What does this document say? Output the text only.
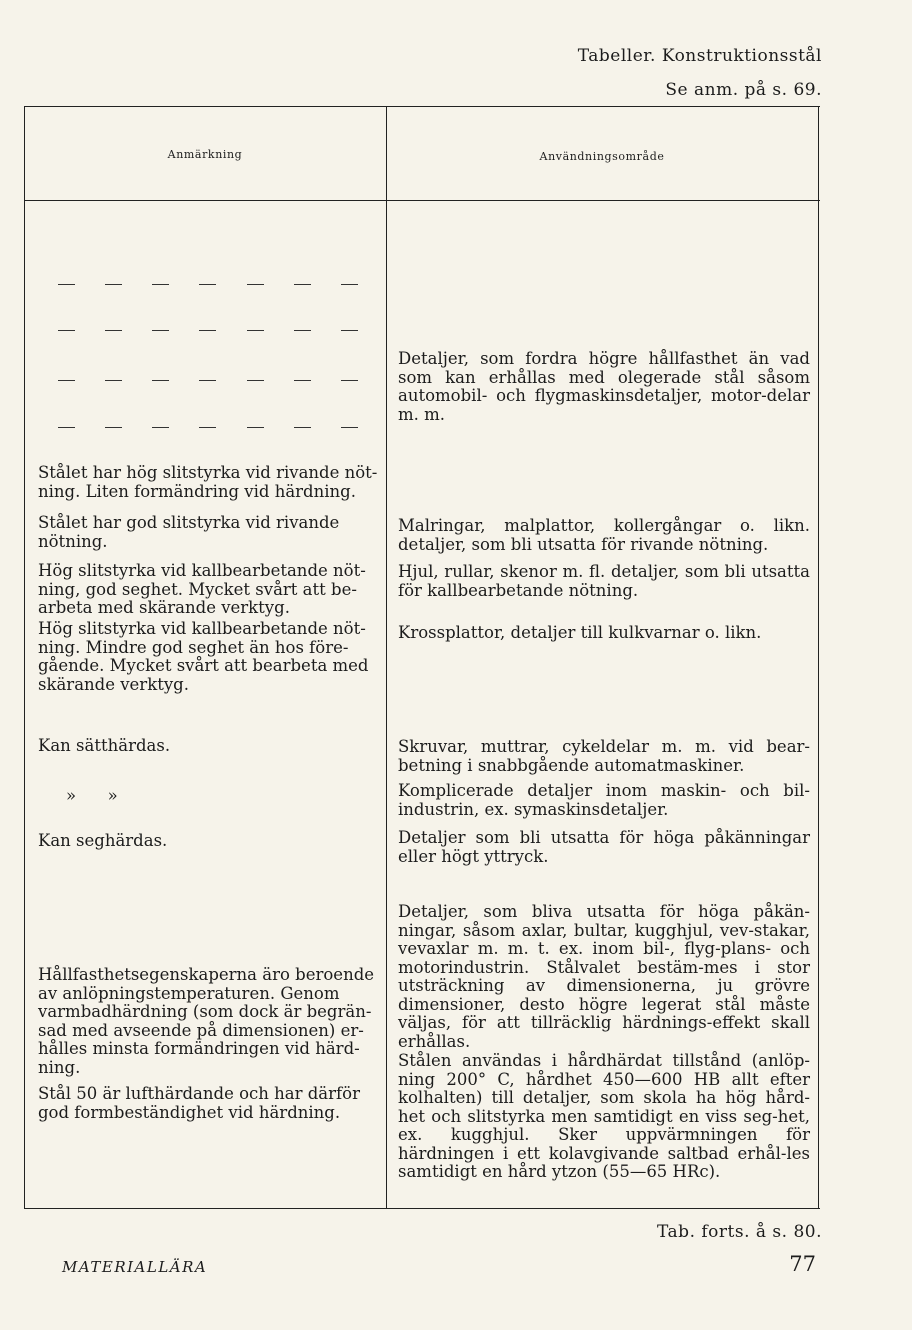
Tabeller. Konstruktionsstål
Se anm. på s. 69.
Anmärkning	Användningsområde
Detaljer, som fordra högre hållfasthet än vad som kan erhållas med olegerade stål såsom automobil- och flygmaskinsdetaljer, motor-delar m. m.
Malringar, malplattor, kollergångar o. likn. detaljer, som bli utsatta för rivande nötning.
Hjul, rullar, skenor m. fl. detaljer, som bli utsatta för kallbearbetande nötning.
Krossplattor, detaljer till kulkvarnar o. likn.
Skruvar, muttrar, cykeldelar m. m. vid bear-betning i snabbgående automatmaskiner.
Komplicerade detaljer inom maskin- och bil-industrin, ex. symaskinsdetaljer.
Detaljer som bli utsatta för höga påkänningar eller högt yttryck.
Detaljer, som bliva utsatta för höga påkän-ningar, såsom axlar, bultar, kugghjul, vev-stakar, vevaxlar m. m. t. ex. inom bil-, flyg-plans- och motorindustrin. Stålvalet bestäm-mes i stor utsträckning av dimensionerna, ju grövre dimensioner, desto högre legerat stål måste väljas, för att tillräcklig härdnings-effekt skall erhållas.
Stålen användas i hårdhärdat tillstånd (anlöp-ning 200° C, hårdhet 450—600 HB allt efter kolhalten) till detaljer, som skola ha hög hård-het och slitstyrka men samtidigt en viss seg-het, ex. kugghjul. Sker uppvärmningen för härdningen i ett kolavgivande saltbad erhål-les samtidigt en hård ytzon (55—65 HRc).
Stålet har hög slitstyrka vid rivande nöt-ning. Liten formändring vid härdning.
Stålet har god slitstyrka vid rivande nötning.
Hög slitstyrka vid kallbearbetande nöt-ning, god seghet. Mycket svårt att be-arbeta med skärande verktyg.
Hög slitstyrka vid kallbearbetande nöt-ning. Mindre god seghet än hos före-gående. Mycket svårt att bearbeta med skärande verktyg.
Kan sätthärdas.
»      »
Kan seghärdas.
Hållfasthetsegenskaperna äro beroende av anlöpningstemperaturen. Genom varmbadhärdning (som dock är begrän-sad med avseende på dimensionen) er-hålles minsta formändringen vid härd-ning.
Stål 50 är lufthärdande och har därför god formbeständighet vid härdning.
Tab. forts. å s. 80.
MATERIALLÄRA	77
